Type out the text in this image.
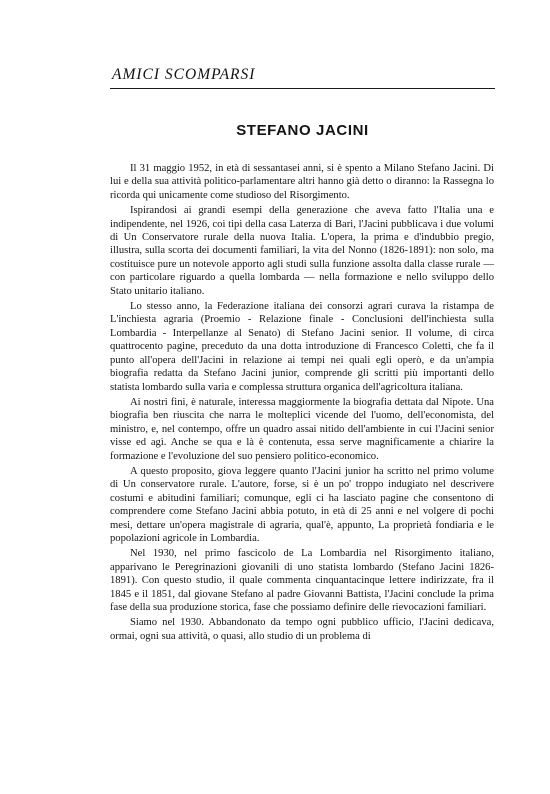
AMICI SCOMPARSI
STEFANO JACINI

Il 31 maggio 1952, in età di sessantasei anni, si è spento a Milano Stefano Jacini. Di lui e della sua attività politico-parlamentare altri hanno già detto o diranno: la Rassegna lo ricorda qui unicamente come studioso del Risorgimento.

Ispirandosi ai grandi esempi della generazione che aveva fatto l'Italia una e indipendente, nel 1926, coi tipi della casa Laterza di Bari, l'Jacini pubblicava i due volumi di Un Conservatore rurale della nuova Italia. L'opera, la prima e d'indubbio pregio, illustra, sulla scorta dei documenti familiari, la vita del Nonno (1826-1891): non solo, ma costituisce pure un notevole apporto agli studi sulla funzione assolta dalla classe rurale — con particolare riguardo a quella lombarda — nella formazione e nello sviluppo dello Stato unitario italiano.

Lo stesso anno, la Federazione italiana dei consorzi agrari curava la ristampa de L'inchiesta agraria (Proemio - Relazione finale - Conclusioni dell'inchiesta sulla Lombardia - Interpellanze al Senato) di Stefano Jacini senior. Il volume, di circa quattrocento pagine, preceduto da una dotta introduzione di Francesco Coletti, che fa il punto all'opera dell'Jacini in relazione ai tempi nei quali egli operò, e da un'ampia biografia redatta da Stefano Jacini junior, comprende gli scritti più importanti dello statista lombardo sulla varia e complessa struttura organica dell'agricoltura italiana.

Ai nostri fini, è naturale, interessa maggiormente la biografia dettata dal Nipote. Una biografia ben riuscita che narra le molteplici vicende del l'uomo, dell'economista, del ministro, e, nel contempo, offre un quadro assai nitido dell'ambiente in cui l'Jacini senior visse ed agì. Anche se qua e là è contenuta, essa serve magnificamente a chiarire la formazione e l'evoluzione del suo pensiero politico-economico.

A questo proposito, giova leggere quanto l'Jacini junior ha scritto nel primo volume di Un conservatore rurale. L'autore, forse, si è un po' troppo indugiato nel descrivere costumi e abitudini familiari; comunque, egli ci ha lasciato pagine che consentono di comprendere come Stefano Jacini abbia potuto, in età di 25 anni e nel volgere di pochi mesi, dettare un'opera magistrale di agraria, qual'è, appunto, La proprietà fondiaria e le popolazioni agricole in Lombardia.

Nel 1930, nel primo fascicolo de La Lombardia nel Risorgimento italiano, apparivano le Peregrinazioni giovanili di uno statista lombardo (Stefano Jacini 1826-1891). Con questo studio, il quale commenta cinquantacinque lettere indirizzate, fra il 1845 e il 1851, dal giovane Stefano al padre Giovanni Battista, l'Jacini conclude la prima fase della sua produzione storica, fase che possiamo definire delle rievocazioni familiari.

Siamo nel 1930. Abbandonato da tempo ogni pubblico ufficio, l'Jacini dedicava, ormai, ogni sua attività, o quasi, allo studio di un problema di
